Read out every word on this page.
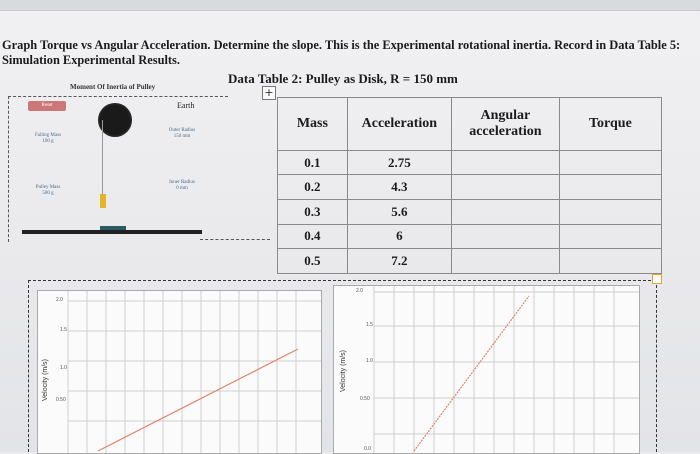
Graph Torque vs Angular Acceleration. Determine the slope. This is the Experimental rotational inertia. Record in Data Table 5: Simulation Experimental Results.
Data Table 2: Pulley as Disk, R = 150 mm
+
Moment Of Inertia of Pulley
Reset	Earth
Falling Mass
100 g
Outer Radius
150 mm
Pulley Mass
500 g
Inner Radius
0 mm
Mass	Acceleration	Angular acceleration	Torque
0.1	2.75		
0.2	4.3		
0.3	5.6		
0.4	6		
0.5	7.2		
2.0
1.5
1.0
0.50
Velocity (m/s)
2.0
1.5
1.0
0.50
0.0
Velocity (m/s)
